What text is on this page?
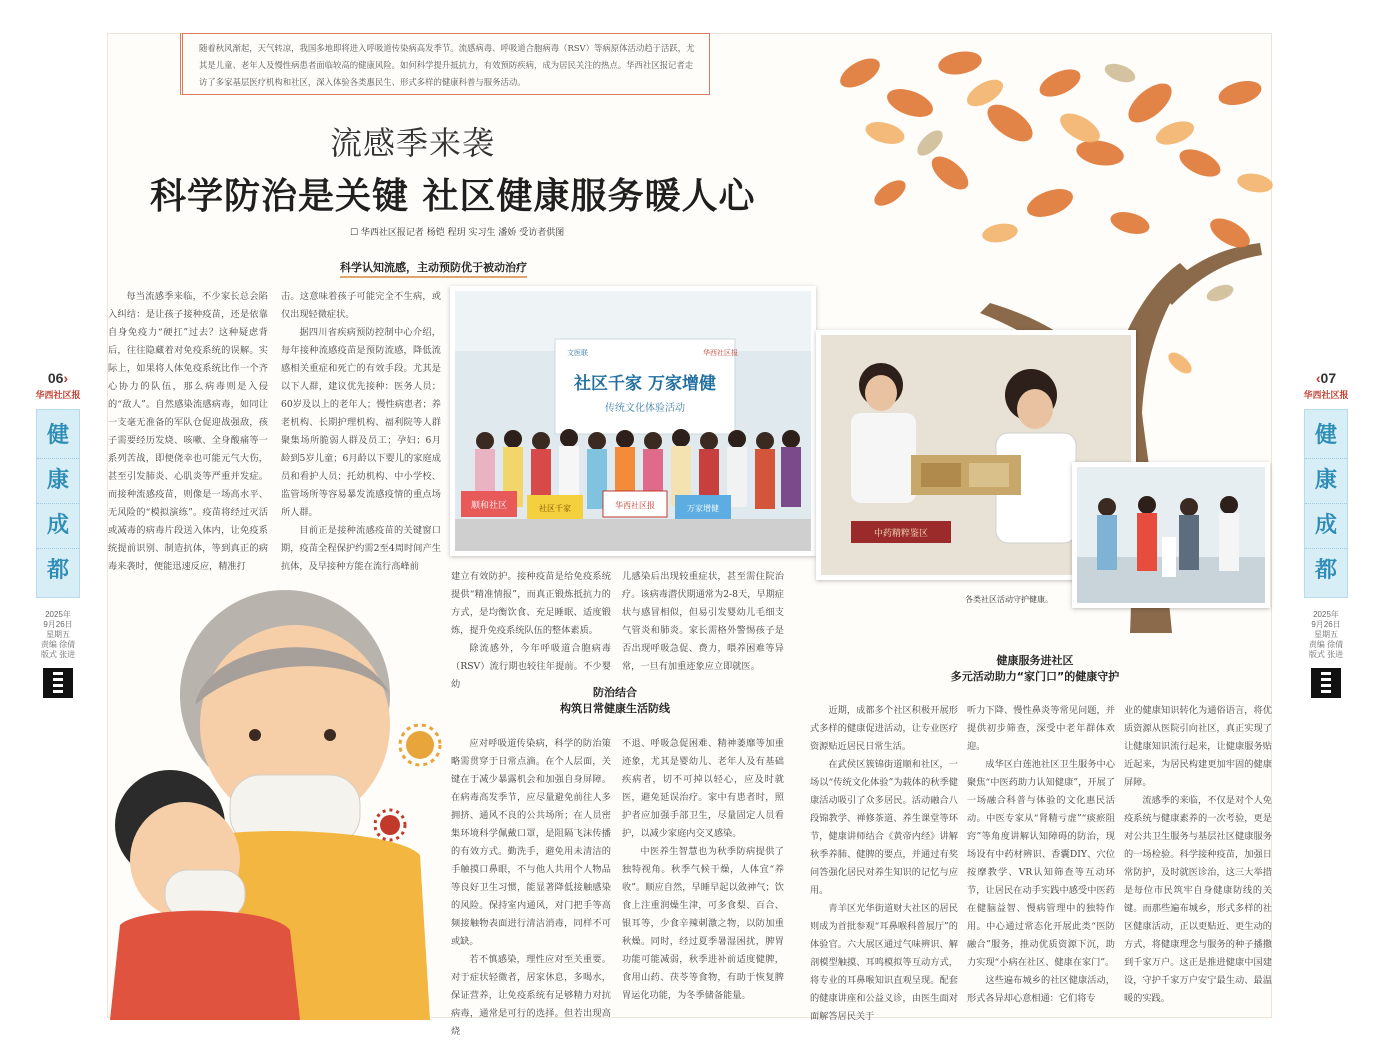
06›
华西社区报
健
康
成
都
2025年
9月26日
星期五
责编 徐倩
版式 张进
‹07
华西社区报
健
康
成
都
2025年
9月26日
星期五
责编 徐倩
版式 张进
随着秋风渐起，天气转凉，我国多地即将进入呼吸道传染病高发季节。流感病毒、呼吸道合胞病毒（RSV）等病原体活动趋于活跃，尤其是儿童、老年人及慢性病患者面临较高的健康风险。如何科学提升抵抗力，有效预防疾病，成为居民关注的热点。华西社区报记者走访了多家基层医疗机构和社区，深入体验各类惠民生、形式多样的健康科普与服务活动。
流感季来袭
科学防治是关键 社区健康服务暖人心
☐ 华西社区报记者 杨铠 程玥 实习生 潘娇 受访者供图
科学认知流感，主动预防优于被动治疗

每当流感季来临，不少家长总会陷入纠结：是让孩子接种疫苗，还是依靠自身免疫力“硬扛”过去？这种疑虑背后，往往隐藏着对免疫系统的误解。实际上，如果将人体免疫系统比作一个齐心协力的队伍，那么病毒则是入侵的“敌人”。自然感染流感病毒，如同让一支毫无准备的军队仓促迎战强敌，孩子需要经历发烧、咳嗽、全身酸痛等一系列苦战，即便侥幸也可能元气大伤，甚至引发肺炎、心肌炎等严重并发症。而接种流感疫苗，则像是一场高水平、无风险的“模拟演练”。疫苗将经过灭活或减毒的病毒片段送入体内，让免疫系统提前识别、制造抗体，等到真正的病毒来袭时，便能迅速反应，精准打

击。这意味着孩子可能完全不生病，或仅出现轻微症状。

据四川省疾病预防控制中心介绍，每年接种流感疫苗是预防流感，降低流感相关重症和死亡的有效手段。尤其是以下人群，建议优先接种：医务人员；60岁及以上的老年人；慢性病患者；养老机构、长期护理机构、福利院等人群聚集场所脆弱人群及员工；孕妇；6月龄到5岁儿童；6月龄以下婴儿的家庭成员和看护人员；托幼机构、中小学校、监管场所等容易暴发流感疫情的重点场所人群。

目前正是接种流感疫苗的关键窗口期，疫苗全程保护约需2至4周时间产生抗体，及早接种方能在流行高峰前

建立有效防护。接种疫苗是给免疫系统提供“精准情报”，而真正锻炼抵抗力的方式，是均衡饮食、充足睡眠、适度锻炼，提升免疫系统队伍的整体素质。

除流感外，今年呼吸道合胞病毒（RSV）流行期也较往年提前。不少婴幼

儿感染后出现较重症状，甚至需住院治疗。该病毒潜伏期通常为2-8天，早期症状与感冒相似，但易引发婴幼儿毛细支气管炎和肺炎。家长需格外警惕孩子是否出现呼吸急促、费力，喂养困难等异常，一旦有加重迹象应立即就医。
社区千家 万家增健
传统文化体验活动
文医联	华西社区报
顺和社区	华西社区报
社区千家	万家增健
中药精粹鉴区
各类社区活动守护健康。
防治结合
构筑日常健康生活防线

应对呼吸道传染病，科学的防治策略需贯穿于日常点滴。在个人层面，关键在于减少暴露机会和加强自身屏障。在病毒高发季节，应尽量避免前往人多拥挤、通风不良的公共场所；在人员密集环境科学佩戴口罩，是阻隔飞沫传播的有效方式。勤洗手，避免用未清洁的手触摸口鼻眼，不与他人共用个人物品等良好卫生习惯，能显著降低接触感染的风险。保持室内通风，对门把手等高频接触物表面进行清洁消毒，同样不可或缺。

若不慎感染，理性应对至关重要。对于症状轻微者，居家休息，多喝水，保证营养，让免疫系统有足够精力对抗病毒，通常是可行的选择。但若出现高烧

不退、呼吸急促困难、精神萎靡等加重迹象，尤其是婴幼儿、老年人及有基础疾病者，切不可掉以轻心，应及时就医，避免延误治疗。家中有患者时，照护者应加强手部卫生，尽量固定人员看护，以减少家庭内交叉感染。

中医养生智慧也为秋季防病提供了独特视角。秋季气候干燥，人体宜“养收”。顺应自然，早睡早起以敛神气；饮食上注重润燥生津，可多食梨、百合、银耳等，少食辛辣刺激之物，以防加重秋燥。同时，经过夏季暑湿困扰，脾胃功能可能减弱，秋季进补前适度健脾，食用山药、茯苓等食物，有助于恢复脾胃运化功能，为冬季储备能量。

健康服务进社区
多元活动助力“家门口”的健康守护

近期，成都多个社区积极开展形式多样的健康促进活动，让专业医疗资源贴近居民日常生活。

在武侯区簇锦街道顺和社区，一场以“传统文化体验”为载体的秋季健康活动吸引了众多居民。活动融合八段锦教学、禅修茶道、养生课堂等环节，健康讲师结合《黄帝内经》讲解秋季养肺、健脾的要点，并通过有奖问答强化居民对养生知识的记忆与应用。

青羊区光华街道财大社区的居民则成为首批参观“耳鼻喉科普展厅”的体验官。六大展区通过气味辨识、解剖模型触摸、耳鸣模拟等互动方式，将专业的耳鼻喉知识直观呈现。配套的健康讲座和公益义诊，由医生面对面解答居民关于

听力下降、慢性鼻炎等常见问题，并提供初步筛查，深受中老年群体欢迎。

成华区白莲池社区卫生服务中心聚焦“中医药助力认知健康”，开展了一场融合科普与体验的文化惠民活动。中医专家从“肾精亏虚”“痰瘀阻窍”等角度讲解认知障碍的防治，现场设有中药材辨识、香囊DIY、穴位按摩教学、VR认知筛查等互动环节，让居民在动手实践中感受中医药在健脑益智、慢病管理中的独特作用。中心通过常态化开展此类“医防融合”服务，推动优质资源下沉，助力实现“小病在社区、健康在家门”。

这些遍布城乡的社区健康活动，形式各异却心意相通：它们将专

业的健康知识转化为通俗语言，将优质资源从医院引向社区，真正实现了让健康知识流行起来，让健康服务贴近起来，为居民构建更加牢固的健康屏障。

流感季的来临，不仅是对个人免疫系统与健康素养的一次考验，更是对公共卫生服务与基层社区健康服务的一场检验。科学接种疫苗，加强日常防护，及时就医诊治，这三大举措是每位市民筑牢自身健康防线的关键。而那些遍布城乡，形式多样的社区健康活动，正以更贴近、更生动的方式，将健康理念与服务的种子播撒到千家万户。这正是推进健康中国建设，守护千家万户安宁最生动、最温暖的实践。
